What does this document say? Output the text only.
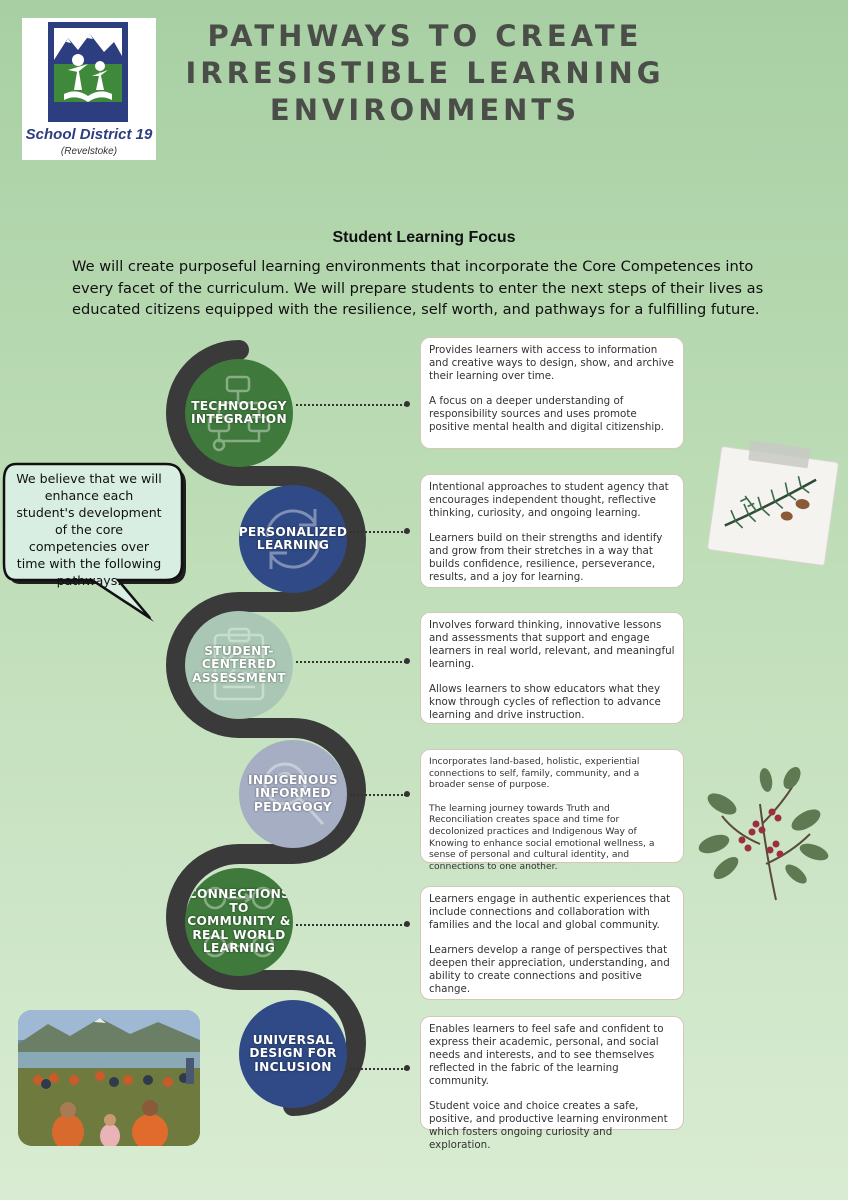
School District 19
(Revelstoke)
PATHWAYS TO CREATE IRRESISTIBLE LEARNING ENVIRONMENTS
Student Learning Focus
We will create purposeful learning environments that incorporate the Core Competences into every facet of the curriculum. We will prepare students to enter the next steps of their lives as educated citizens equipped with the resilience, self worth, and pathways for a fulfilling future.
We believe that we will enhance each student's development of the core competencies over time with the following pathways.
TECHNOLOGY INTEGRATION

Provides learners with access to information and creative ways to design, show, and archive their learning over time.

A focus on a deeper understanding of responsibility sources and uses promote positive mental health and digital citizenship.

PERSONALIZED LEARNING

Intentional approaches to student agency that encourages independent thought, reflective thinking, curiosity, and ongoing learning.

Learners build on their strengths and identify and grow from their stretches in a way that builds confidence, resilience, perseverance, results, and a joy for learning.

STUDENT-CENTERED ASSESSMENT

Involves forward thinking, innovative lessons and assessments that support and engage learners in real world, relevant, and meaningful learning.

Allows learners to show educators what they know through cycles of reflection to advance learning and drive instruction.

INDIGENOUS INFORMED PEDAGOGY

Incorporates land-based, holistic, experiential connections to self, family, community, and a broader sense of purpose.

The learning journey towards Truth and Reconciliation creates space and time for decolonized practices and Indigenous Way of Knowing to enhance social emotional wellness, a sense of personal and cultural identity, and connections to one another.

CONNECTIONS TO COMMUNITY & REAL WORLD LEARNING

Learners engage in authentic experiences that include connections and collaboration with families and the local and global community.

Learners develop a range of perspectives that deepen their appreciation, understanding, and ability to create connections and positive change.

UNIVERSAL DESIGN FOR INCLUSION

Enables learners to feel safe and confident to express their academic, personal, and social needs and interests, and to see themselves reflected in the fabric of the learning community.

Student voice and choice creates a safe, positive, and productive learning environment which fosters ongoing curiosity and exploration.
